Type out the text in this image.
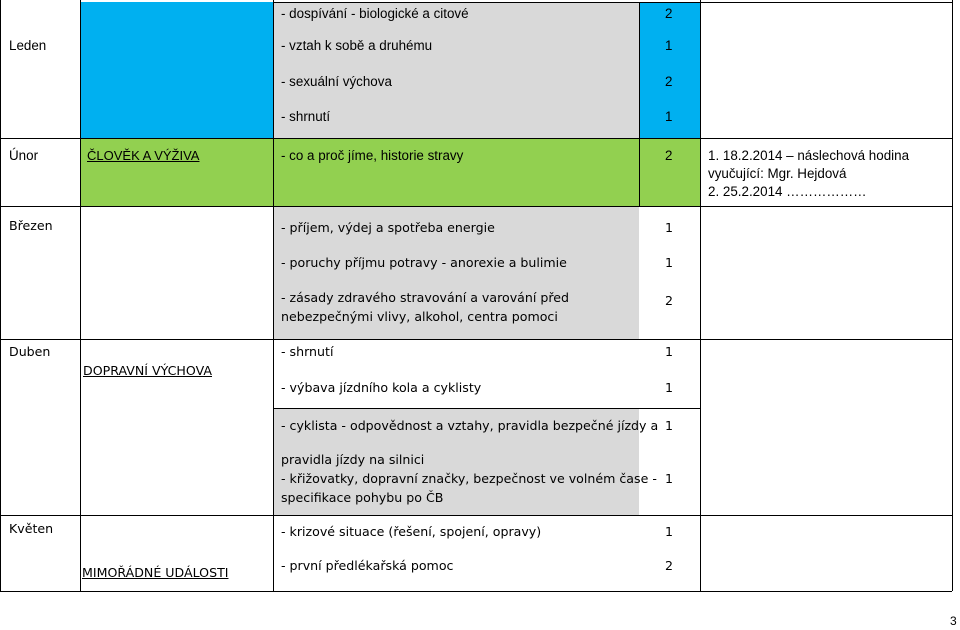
Leden
Únor
Březen
Duben
Květen
ČLOVĚK A VÝŽIVA
DOPRAVNÍ VÝCHOVA
MIMOŘÁDNÉ UDÁLOSTI
- dospívání - biologické a citové
- vztah k sobě a druhému
- sexuální výchova
- shrnutí
- co a proč jíme, historie stravy
- příjem, výdej a spotřeba energie
- poruchy příjmu potravy - anorexie a bulimie
- zásady zdravého stravování a varování před
nebezpečnými vlivy, alkohol, centra pomoci
- shrnutí
- výbava jízdního kola a cyklisty
- cyklista - odpovědnost a vztahy, pravidla bezpečné jízdy a
pravidla jízdy na silnici
- křižovatky, dopravní značky, bezpečnost ve volném čase -
specifikace pohybu po ČB
- krizové situace (řešení, spojení, opravy)
- první předlékařská pomoc
2
1
2
1
2
1
1
2
1
1
1
1
1
2
1. 18.2.2014 – náslechová hodina
vyučující: Mgr. Hejdová
2. 25.2.2014 ………………
3
